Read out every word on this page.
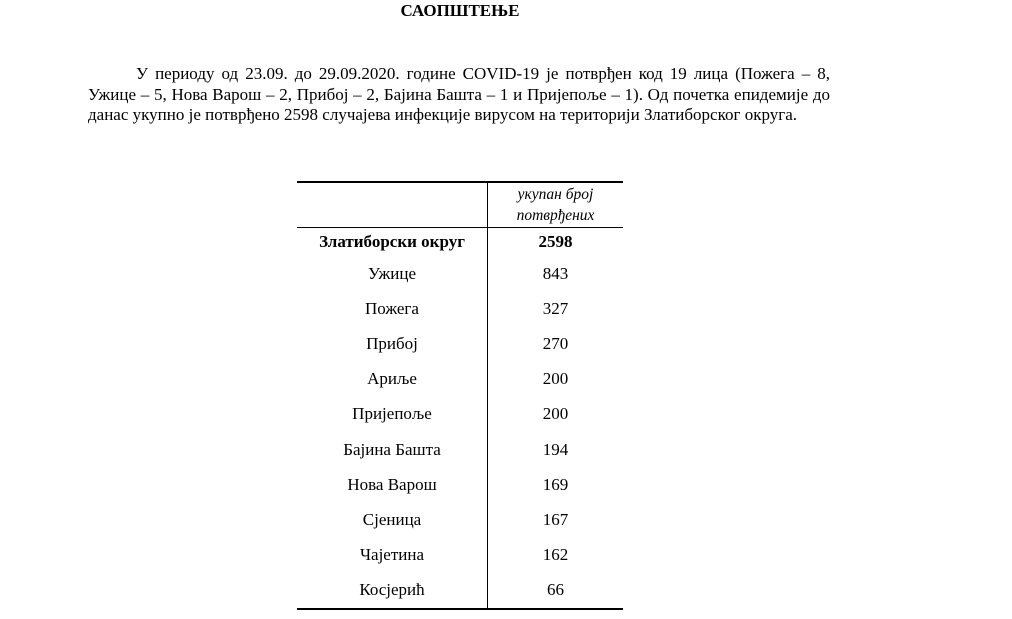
САОПШТЕЊЕ
У периоду од 23.09. до 29.09.2020. године COVID-19 је потврђен код 19 лица (Пожега – 8, Ужице – 5, Нова Варош – 2, Прибој – 2, Бајина Башта – 1 и Пријепоље – 1). Од почетка епидемије до данас укупно је потврђено 2598 случајева инфекције вирусом на територији Златиборског округа.

	укупан број
потврђених

Златиборски округ	2598
Ужице	843
Пожега	327
Прибој	270
Ариље	200
Пријепоље	200
Бајина Башта	194
Нова Варош	169
Сјеница	167
Чајетина	162
Косјерић	66
